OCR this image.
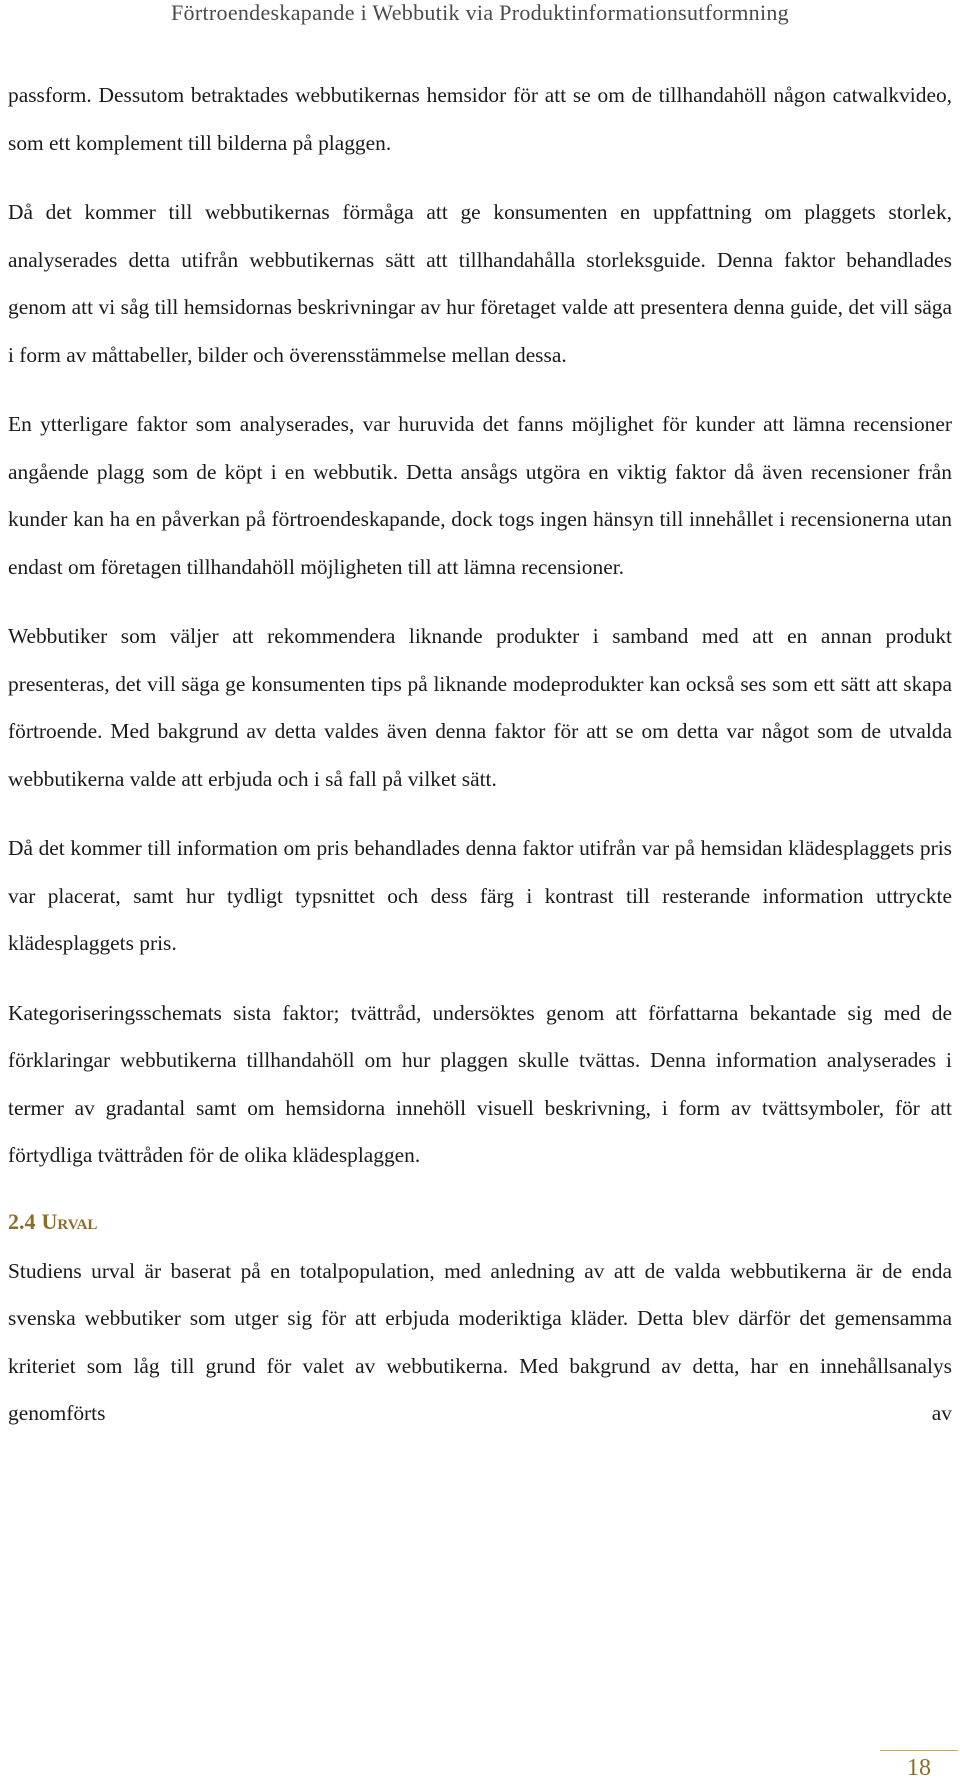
Förtroendeskapande i Webbutik via Produktinformationsutformning

passform. Dessutom betraktades webbutikernas hemsidor för att se om de tillhandahöll någon catwalkvideo, som ett komplement till bilderna på plaggen.

Då det kommer till webbutikernas förmåga att ge konsumenten en uppfattning om plaggets storlek, analyserades detta utifrån webbutikernas sätt att tillhandahålla storleksguide. Denna faktor behandlades genom att vi såg till hemsidornas beskrivningar av hur företaget valde att presentera denna guide, det vill säga i form av måttabeller, bilder och överensstämmelse mellan dessa.

En ytterligare faktor som analyserades, var huruvida det fanns möjlighet för kunder att lämna recensioner angående plagg som de köpt i en webbutik. Detta ansågs utgöra en viktig faktor då även recensioner från kunder kan ha en påverkan på förtroendeskapande, dock togs ingen hänsyn till innehållet i recensionerna utan endast om företagen tillhandahöll möjligheten till att lämna recensioner.

Webbutiker som väljer att rekommendera liknande produkter i samband med att en annan produkt presenteras, det vill säga ge konsumenten tips på liknande modeprodukter kan också ses som ett sätt att skapa förtroende. Med bakgrund av detta valdes även denna faktor för att se om detta var något som de utvalda webbutikerna valde att erbjuda och i så fall på vilket sätt.

Då det kommer till information om pris behandlades denna faktor utifrån var på hemsidan klädesplaggets pris var placerat, samt hur tydligt typsnittet och dess färg i kontrast till resterande information uttryckte klädesplaggets pris.

Kategoriseringsschemats sista faktor; tvättråd, undersöktes genom att författarna bekantade sig med de förklaringar webbutikerna tillhandahöll om hur plaggen skulle tvättas. Denna information analyserades i termer av gradantal samt om hemsidorna innehöll visuell beskrivning, i form av tvättsymboler, för att förtydliga tvättråden för de olika klädesplaggen.

2.4 Urval

Studiens urval är baserat på en totalpopulation, med anledning av att de valda webbutikerna är de enda svenska webbutiker som utger sig för att erbjuda moderiktiga kläder. Detta blev därför det gemensamma kriteriet som låg till grund för valet av webbutikerna. Med bakgrund av detta, har en innehållsanalys genomförts av

18
